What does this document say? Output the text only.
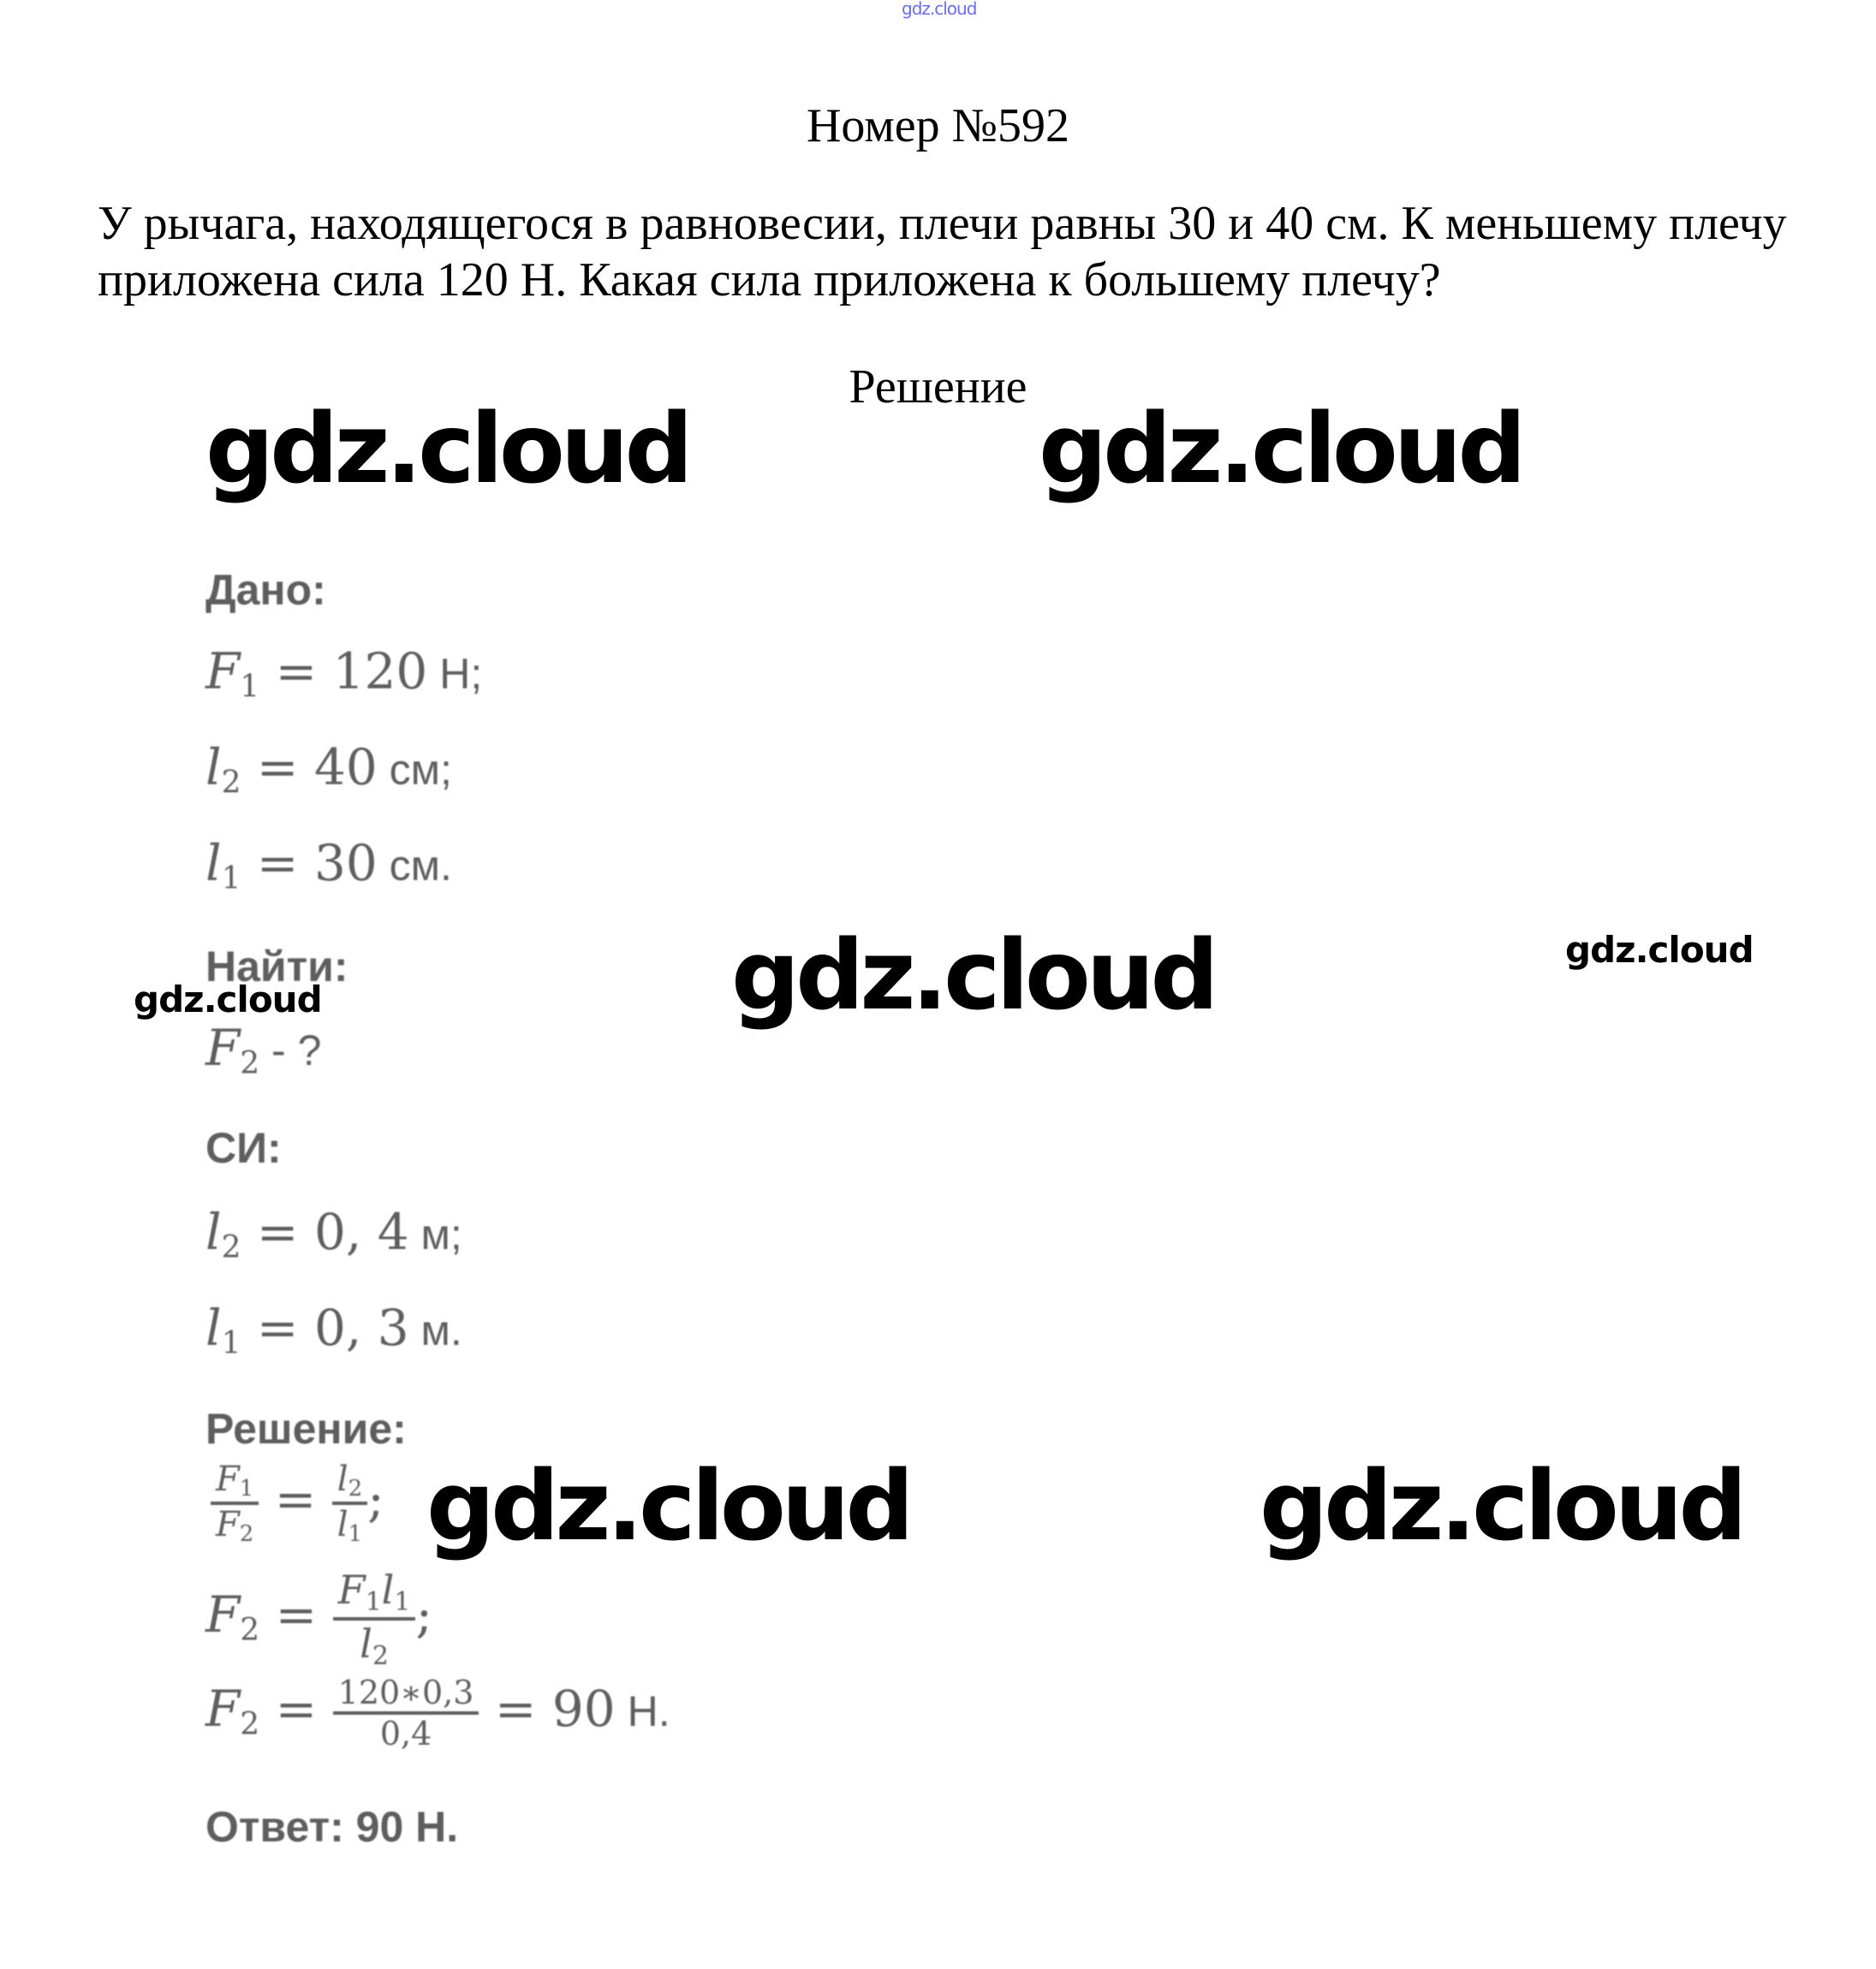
gdz.cloud
Номер №592
У рычага, находящегося в равновесии, плечи равны 30 и 40 см. К меньшему плечу приложена сила 120 Н. Какая сила приложена к большему плечу?
Решение
gdz.cloud	gdz.cloud
gdz.cloud	gdz.cloud
gdz.cloud
gdz.cloud	gdz.cloud
Дано:
$F_1 = 120$ Н;
$l_2 = 40$ см;
$l_1 = 30$ см.
Найти:
$F_2$ - ?
СИ:
$l_2 = 0$, 4 м;
$l_1 = 0$, 3 м.
Решение:
$\frac{F_1}{F_2} = \frac{l_2}{l_1}$ ;
$F_2 = \frac{F_1l_1}{l_2}$ ;
$F_2 = \frac{120∗0,3}{0,4} = 90$ Н.
Ответ: 90 Н.
